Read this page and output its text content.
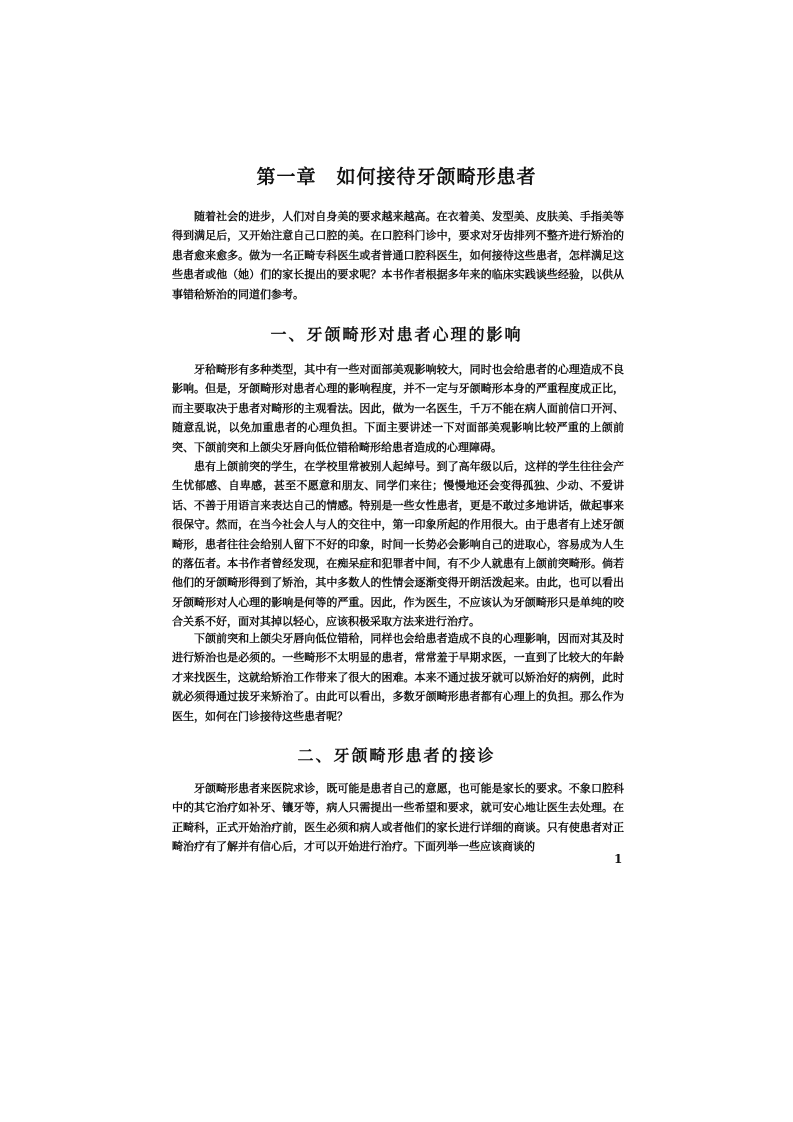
第一章　如何接待牙颌畸形患者

随着社会的进步，人们对自身美的要求越来越高。在衣着美、发型美、皮肤美、手指美等得到满足后，又开始注意自己口腔的美。在口腔科门诊中，要求对牙齿排列不整齐进行矫治的患者愈来愈多。做为一名正畸专科医生或者普通口腔科医生，如何接待这些患者，怎样满足这些患者或他（她）们的家长提出的要求呢？本书作者根据多年来的临床实践谈些经验，以供从事错秴矫治的同道们参考。

一、牙颌畸形对患者心理的影响

牙秴畸形有多种类型，其中有一些对面部美观影响较大，同时也会给患者的心理造成不良影响。但是，牙颌畸形对患者心理的影响程度，并不一定与牙颌畸形本身的严重程度成正比，而主要取决于患者对畸形的主观看法。因此，做为一名医生，千万不能在病人面前信口开河、随意乱说，以免加重患者的心理负担。下面主要讲述一下对面部美观影响比较严重的上颌前突、下颌前突和上颌尖牙唇向低位错秴畸形给患者造成的心理障碍。

患有上颌前突的学生，在学校里常被别人起绰号。到了高年级以后，这样的学生往往会产生忧郁感、自卑感，甚至不愿意和朋友、同学们来往；慢慢地还会变得孤独、少动、不爱讲话、不善于用语言来表达自己的情感。特别是一些女性患者，更是不敢过多地讲话，做起事来很保守。然而，在当今社会人与人的交往中，第一印象所起的作用很大。由于患者有上述牙颌畸形，患者往往会给别人留下不好的印象，时间一长势必会影响自己的进取心，容易成为人生的落伍者。本书作者曾经发现，在痴呆症和犯罪者中间，有不少人就患有上颌前突畸形。倘若他们的牙颌畸形得到了矫治，其中多数人的性情会逐渐变得开朗活泼起来。由此，也可以看出牙颌畸形对人心理的影响是何等的严重。因此，作为医生，不应该认为牙颌畸形只是单纯的咬合关系不好，面对其掉以轻心，应该积极采取方法来进行治疗。

下颌前突和上颌尖牙唇向低位错秴，同样也会给患者造成不良的心理影响，因而对其及时进行矫治也是必须的。一些畸形不太明显的患者，常常羞于早期求医，一直到了比较大的年龄才来找医生，这就给矫治工作带来了很大的困难。本来不通过拔牙就可以矫治好的病例，此时就必须得通过拔牙来矫治了。由此可以看出，多数牙颌畸形患者都有心理上的负担。那么作为医生，如何在门诊接待这些患者呢？

二、牙颌畸形患者的接诊

牙颌畸形患者来医院求诊，既可能是患者自己的意愿，也可能是家长的要求。不象口腔科中的其它治疗如补牙、镶牙等，病人只需提出一些希望和要求，就可安心地让医生去处理。在正畸科，正式开始治疗前，医生必须和病人或者他们的家长进行详细的商谈。只有使患者对正畸治疗有了解并有信心后，才可以开始进行治疗。下面列举一些应该商谈的

1
